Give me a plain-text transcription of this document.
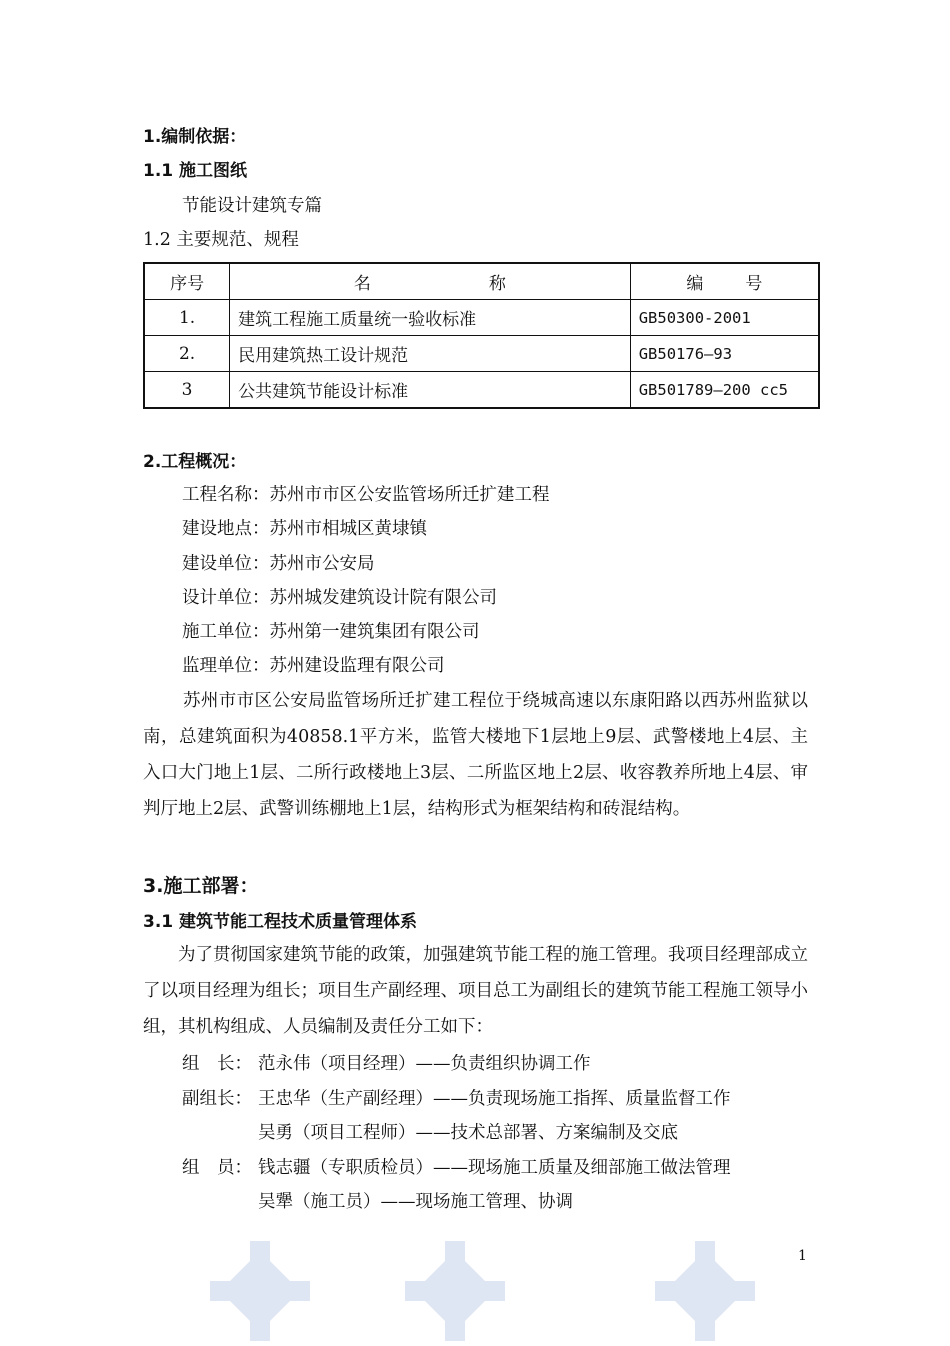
1.编制依据：
1.1 施工图纸
节能设计建筑专篇
1.2 主要规范、规程
序号	名 称	编 号
1.	建筑工程施工质量统一验收标准	GB50300-2001
2.	民用建筑热工设计规范	GB50176—93
3	公共建筑节能设计标准	GB501789—200 cc5
2.工程概况：
工程名称：苏州市市区公安监管场所迁扩建工程
建设地点：苏州市相城区黄埭镇
建设单位：苏州市公安局
设计单位：苏州城发建筑设计院有限公司
施工单位：苏州第一建筑集团有限公司
监理单位：苏州建设监理有限公司
苏州市市区公安局监管场所迁扩建工程位于绕城高速以东康阳路以西苏州监狱以南，总建筑面积为40858.1平方米，监管大楼地下1层地上9层、武警楼地上4层、主入口大门地上1层、二所行政楼地上3层、二所监区地上2层、收容教养所地上4层、审判厅地上2层、武警训练棚地上1层，结构形式为框架结构和砖混结构。
3.施工部署：
3.1 建筑节能工程技术质量管理体系
为了贯彻国家建筑节能的政策，加强建筑节能工程的施工管理。我项目经理部成立了以项目经理为组长；项目生产副经理、项目总工为副组长的建筑节能工程施工领导小组，其机构组成、人员编制及责任分工如下：
组　长： 范永伟（项目经理）——负责组织协调工作
副组长： 王忠华（生产副经理）——负责现场施工指挥、质量监督工作
吴勇（项目工程师）——技术总部署、方案编制及交底
组　员： 钱志疆（专职质检员）——现场施工质量及细部施工做法管理
吴犟（施工员）——现场施工管理、协调
1
